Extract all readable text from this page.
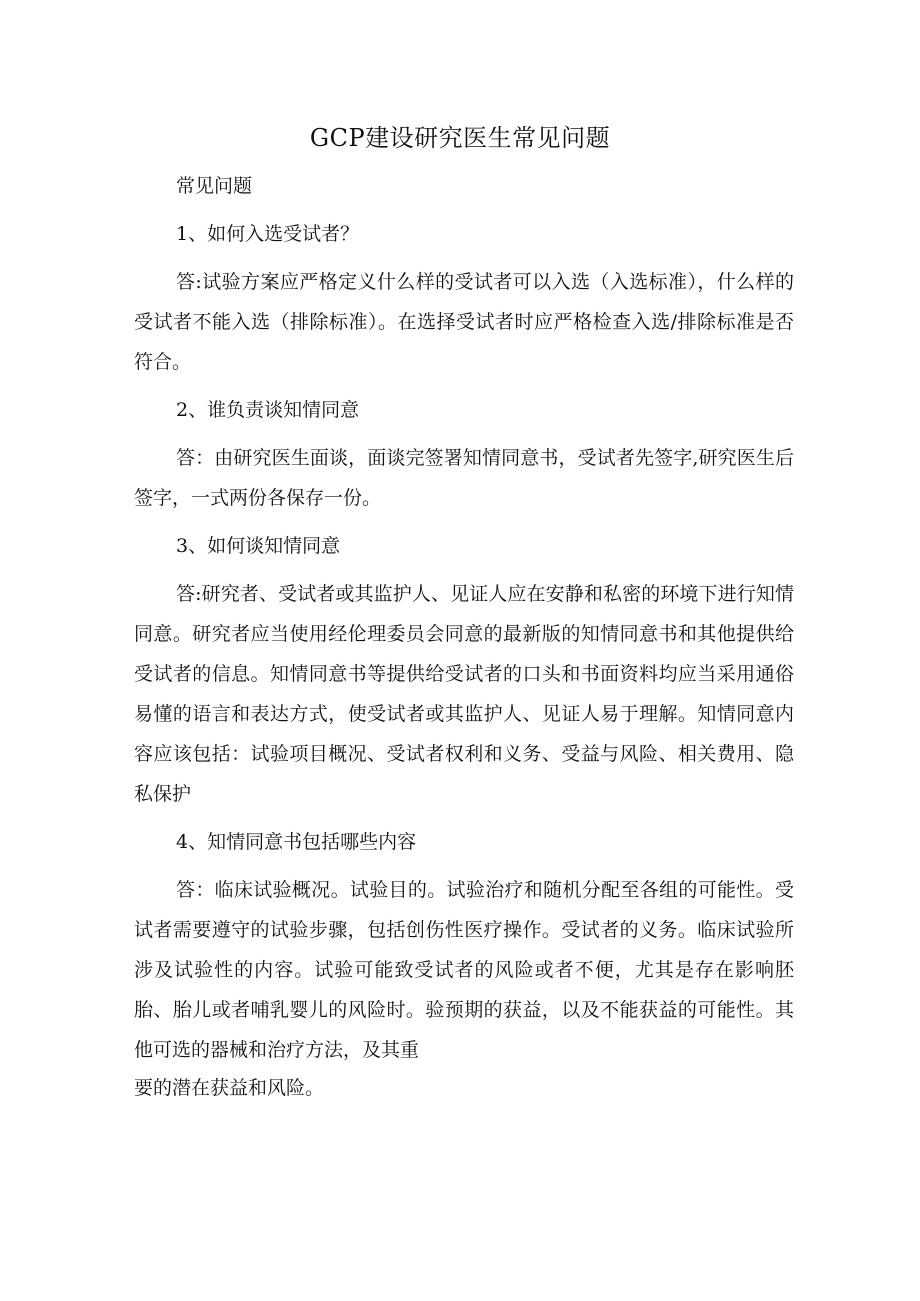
GCP建设研究医生常见问题

常见问题

1、如何入选受试者？

答:试验方案应严格定义什么样的受试者可以入选（入选标准），什么样的受试者不能入选（排除标准）。在选择受试者时应严格检查入选/排除标准是否符合。

2、谁负责谈知情同意

答：由研究医生面谈，面谈完签署知情同意书，受试者先签字,研究医生后签字，一式两份各保存一份。

3、如何谈知情同意

答:研究者、受试者或其监护人、见证人应在安静和私密的环境下进行知情同意。研究者应当使用经伦理委员会同意的最新版的知情同意书和其他提供给受试者的信息。知情同意书等提供给受试者的口头和书面资料均应当采用通俗易懂的语言和表达方式，使受试者或其监护人、见证人易于理解。知情同意内容应该包括：试验项目概况、受试者权利和义务、受益与风险、相关费用、隐私保护

4、知情同意书包括哪些内容

答：临床试验概况。试验目的。试验治疗和随机分配至各组的可能性。受试者需要遵守的试验步骤，包括创伤性医疗操作。受试者的义务。临床试验所涉及试验性的内容。试验可能致受试者的风险或者不便，尤其是存在影响胚胎、胎儿或者哺乳婴儿的风险时。验预期的获益，以及不能获益的可能性。其他可选的器械和治疗方法，及其重

要的潜在获益和风险。
